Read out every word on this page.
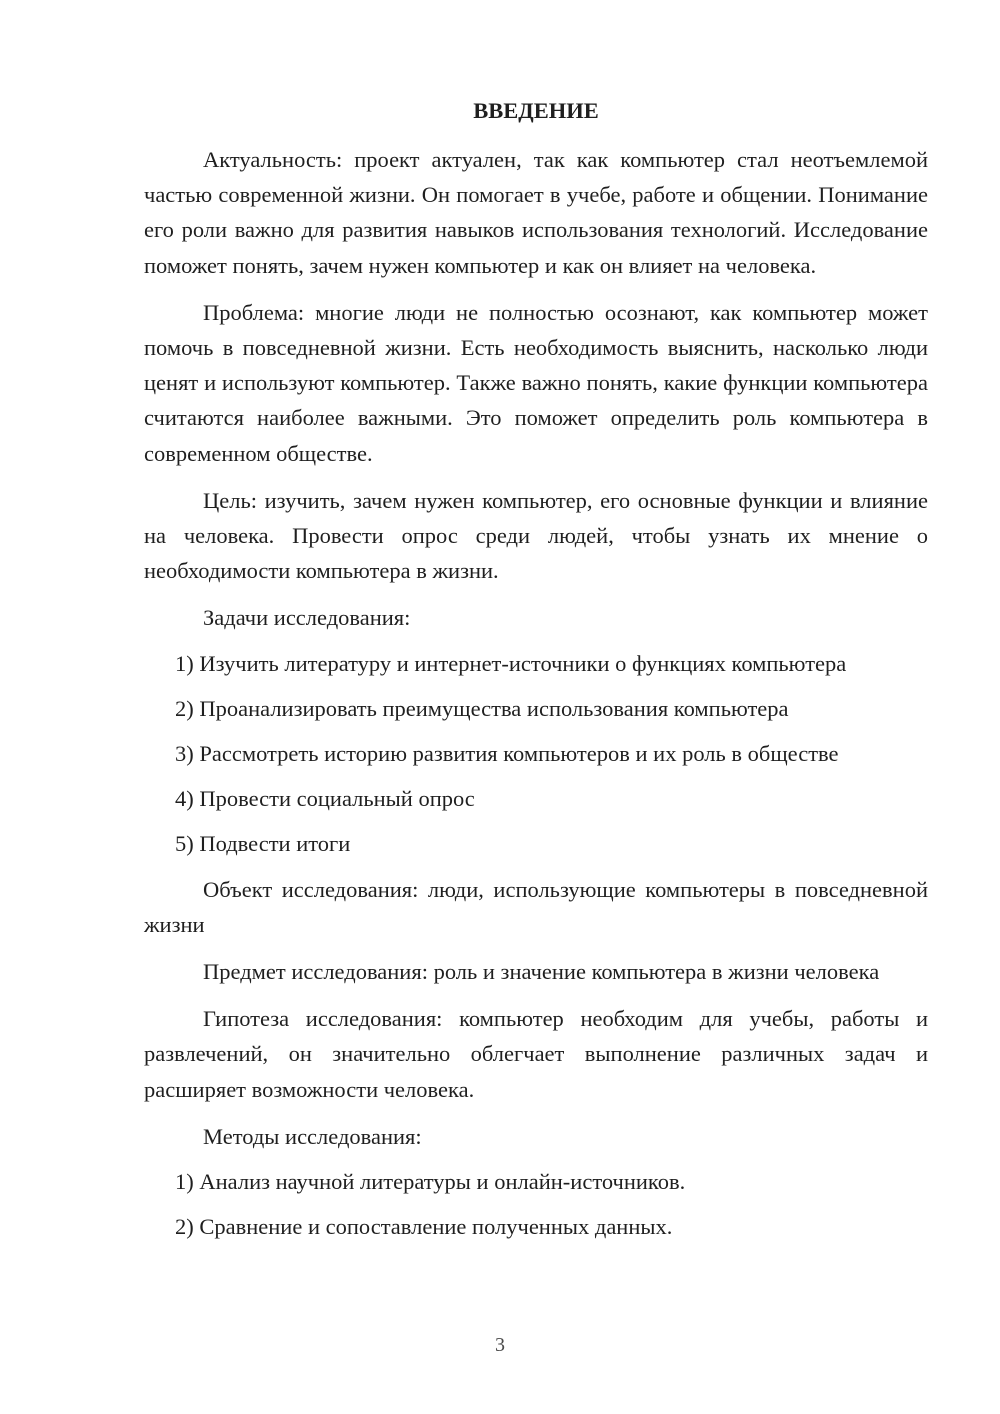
ВВЕДЕНИЕ

Актуальность: проект актуален, так как компьютер стал неотъемлемой частью современной жизни. Он помогает в учебе, работе и общении. Понимание его роли важно для развития навыков использования технологий. Исследование поможет понять, зачем нужен компьютер и как он влияет на человека.

Проблема: многие люди не полностью осознают, как компьютер может помочь в повседневной жизни. Есть необходимость выяснить, насколько люди ценят и используют компьютер. Также важно понять, какие функции компьютера считаются наиболее важными. Это поможет определить роль компьютера в современном обществе.

Цель: изучить, зачем нужен компьютер, его основные функции и влияние на человека. Провести опрос среди людей, чтобы узнать их мнение о необходимости компьютера в жизни.

Задачи исследования:

1) Изучить литературу и интернет-источники о функциях компьютера

2) Проанализировать преимущества использования компьютера

3) Рассмотреть историю развития компьютеров и их роль в обществе

4) Провести социальный опрос

5) Подвести итоги

Объект исследования: люди, использующие компьютеры в повседневной жизни

Предмет исследования: роль и значение компьютера в жизни человека

Гипотеза исследования: компьютер необходим для учебы, работы и развлечений, он значительно облегчает выполнение различных задач и расширяет возможности человека.

Методы исследования:

1) Анализ научной литературы и онлайн-источников.

2) Сравнение и сопоставление полученных данных.

3
